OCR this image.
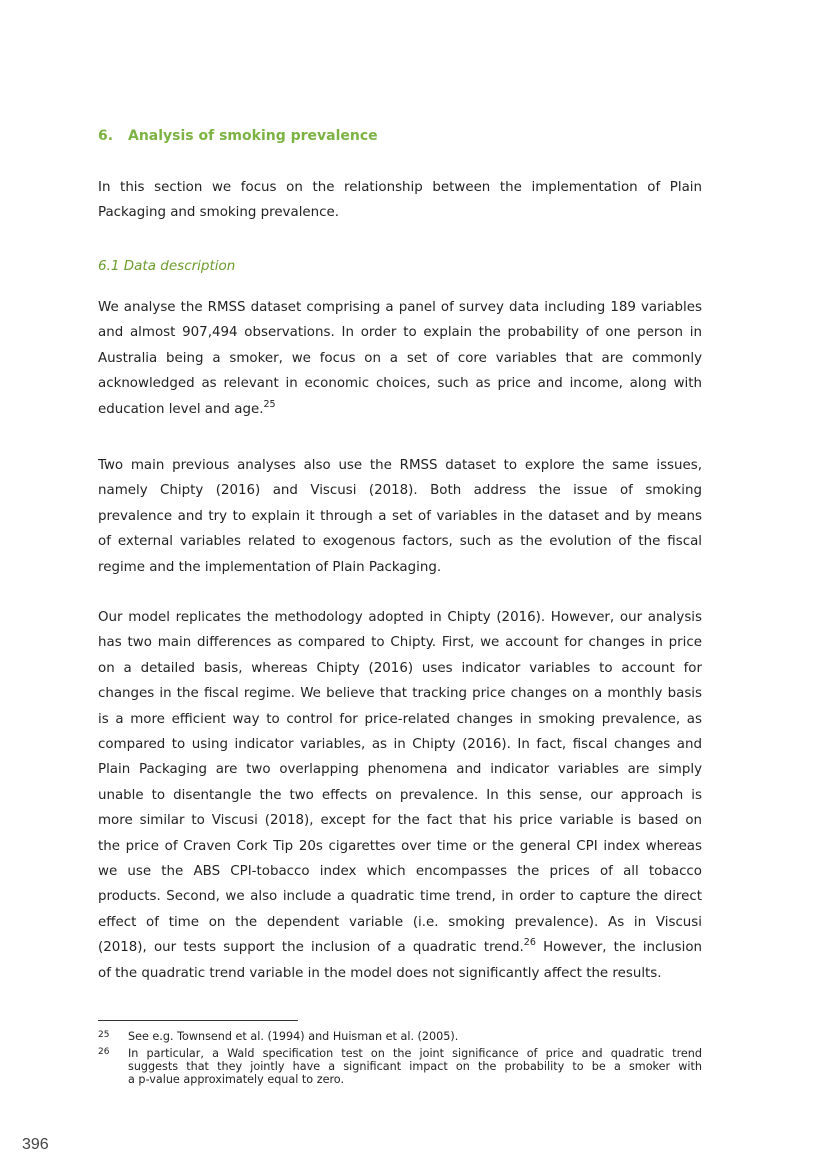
6. Analysis of smoking prevalence

In this section we focus on the relationship between the implementation of Plain
Packaging and smoking prevalence.

6.1 Data description

We analyse the RMSS dataset comprising a panel of survey data including 189 variables
and almost 907,494 observations. In order to explain the probability of one person in
Australia being a smoker, we focus on a set of core variables that are commonly
acknowledged as relevant in economic choices, such as price and income, along with
education level and age.$^{25}$

Two main previous analyses also use the RMSS dataset to explore the same issues,
namely Chipty (2016) and Viscusi (2018). Both address the issue of smoking
prevalence and try to explain it through a set of variables in the dataset and by means
of external variables related to exogenous factors, such as the evolution of the fiscal
regime and the implementation of Plain Packaging.

Our model replicates the methodology adopted in Chipty (2016). However, our analysis
has two main differences as compared to Chipty. First, we account for changes in price
on a detailed basis, whereas Chipty (2016) uses indicator variables to account for
changes in the fiscal regime. We believe that tracking price changes on a monthly basis
is a more efficient way to control for price-related changes in smoking prevalence, as
compared to using indicator variables, as in Chipty (2016). In fact, fiscal changes and
Plain Packaging are two overlapping phenomena and indicator variables are simply
unable to disentangle the two effects on prevalence. In this sense, our approach is
more similar to Viscusi (2018), except for the fact that his price variable is based on
the price of Craven Cork Tip 20s cigarettes over time or the general CPI index whereas
we use the ABS CPI-tobacco index which encompasses the prices of all tobacco
products. Second, we also include a quadratic time trend, in order to capture the direct
effect of time on the dependent variable (i.e. smoking prevalence). As in Viscusi
(2018), our tests support the inclusion of a quadratic trend.$^{26}$ However, the inclusion
of the quadratic trend variable in the model does not significantly affect the results.

25 See e.g. Townsend et al. (1994) and Huisman et al. (2005).
26 In particular, a Wald specification test on the joint significance of price and quadratic trend
suggests that they jointly have a significant impact on the probability to be a smoker with
a p-value approximately equal to zero.
396
